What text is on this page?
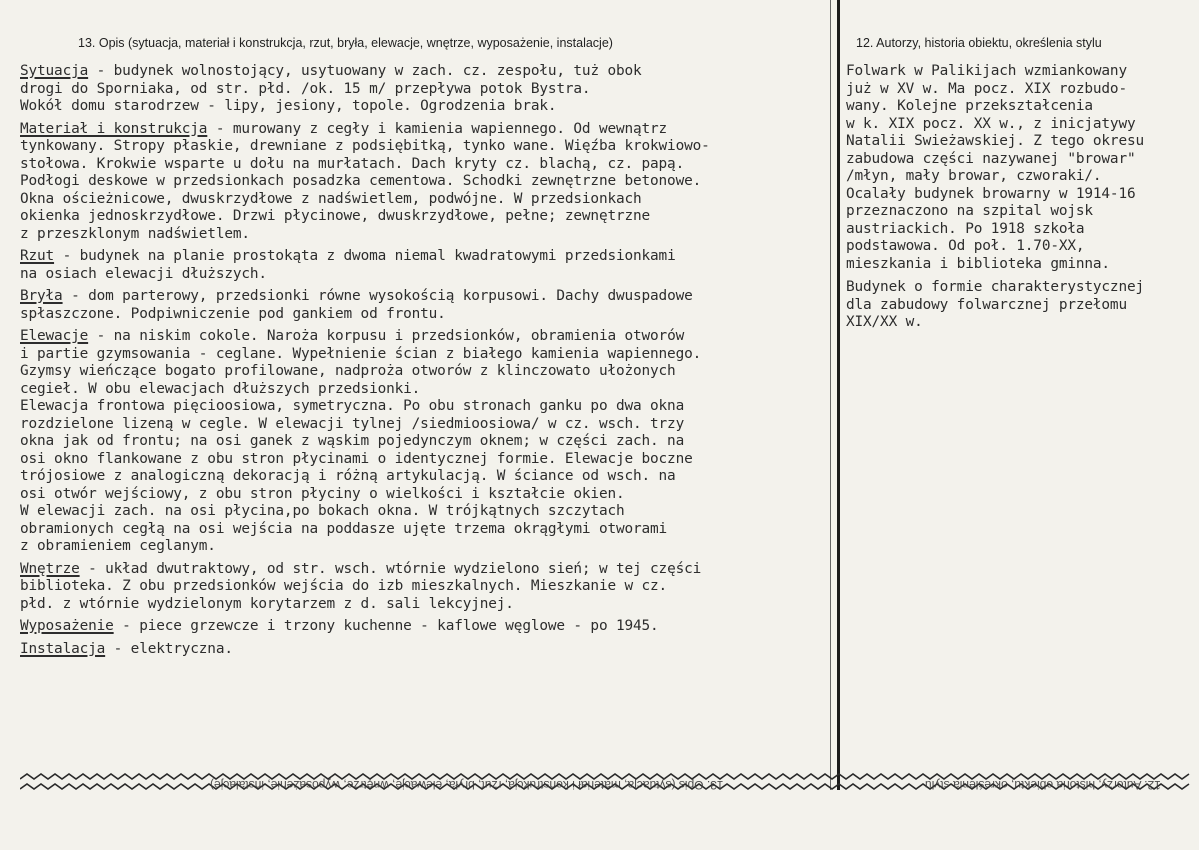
13. Opis (sytuacja, materiał i konstrukcja, rzut, bryła, elewacje, wnętrze, wyposażenie, instalacje)	12. Autorzy, historia obiektu, określenia stylu
Sytuacja - budynek wolnostojący, usytuowany w zach. cz. zespołu, tuż obok
drogi do Sporniaka, od str. płd. /ok. 15 m/ przepływa potok Bystra.
Wokół domu starodrzew - lipy, jesiony, topole. Ogrodzenia brak.
Materiał i konstrukcja - murowany z cegły i kamienia wapiennego. Od wewnątrz
tynkowany. Stropy płaskie, drewniane z podsiębitką, tynko wane. Więźba krokwiowo-
stołowa. Krokwie wsparte u dołu na murłatach. Dach kryty cz. blachą, cz. papą.
Podłogi deskowe w przedsionkach posadzka cementowa. Schodki zewnętrzne betonowe.
Okna ościeżnicowe, dwuskrzydłowe z nadświetlem, podwójne. W przedsionkach
okienka jednoskrzydłowe. Drzwi płycinowe, dwuskrzydłowe, pełne; zewnętrzne
z przeszklonym nadświetlem.
Rzut - budynek na planie prostokąta z dwoma niemal kwadratowymi przedsionkami
na osiach elewacji dłuższych.
Bryła - dom parterowy, przedsionki równe wysokością korpusowi. Dachy dwuspadowe
spłaszczone. Podpiwniczenie pod gankiem od frontu.
Elewacje - na niskim cokole. Naroża korpusu i przedsionków, obramienia otworów
i partie gzymsowania - ceglane. Wypełnienie ścian z białego kamienia wapiennego.
Gzymsy wieńczące bogato profilowane, nadproża otworów z klinczowato ułożonych
cegieł. W obu elewacjach dłuższych przedsionki.
Elewacja frontowa pięcioosiowa, symetryczna. Po obu stronach ganku po dwa okna
rozdzielone lizeną w cegle. W elewacji tylnej /siedmioosiowa/ w cz. wsch. trzy
okna jak od frontu; na osi ganek z wąskim pojedynczym oknem; w części zach. na
osi okno flankowane z obu stron płycinami o identycznej formie. Elewacje boczne
trójosiowe z analogiczną dekoracją i różną artykulacją. W ściance od wsch. na
osi otwór wejściowy, z obu stron płyciny o wielkości i kształcie okien.
W elewacji zach. na osi płycina,po bokach okna. W trójkątnych szczytach
obramionych cegłą na osi wejścia na poddasze ujęte trzema okrągłymi otworami
z obramieniem ceglanym.
Wnętrze - układ dwutraktowy, od str. wsch. wtórnie wydzielono sień; w tej części
biblioteka. Z obu przedsionków wejścia do izb mieszkalnych. Mieszkanie w cz.
płd. z wtórnie wydzielonym korytarzem z d. sali lekcyjnej.
Wyposażenie - piece grzewcze i trzony kuchenne - kaflowe węglowe - po 1945.
Instalacja - elektryczna.
Folwark w Palikijach wzmiankowany
już w XV w. Ma pocz. XIX rozbudo-
wany. Kolejne przekształcenia
w k. XIX pocz. XX w., z inicjatywy
Natalii Swieżawskiej. Z tego okresu
zabudowa części nazywanej "browar"
/młyn, mały browar, czworaki/.
Ocalały budynek browarny w 1914-16
przeznaczono na szpital wojsk
austriackich. Po 1918 szkoła
podstawowa. Od poł. 1.70-XX,
mieszkania i biblioteka gminna.
Budynek o formie charakterystycznej
dla zabudowy folwarcznej przełomu
XIX/XX w.
13. Opis (sytuacja, materiał i konstrukcja, rzut, bryła, elewacje, wnętrze, wyposażenie, instalacje)	12. Autorzy, historia obiektu, określenia stylu
